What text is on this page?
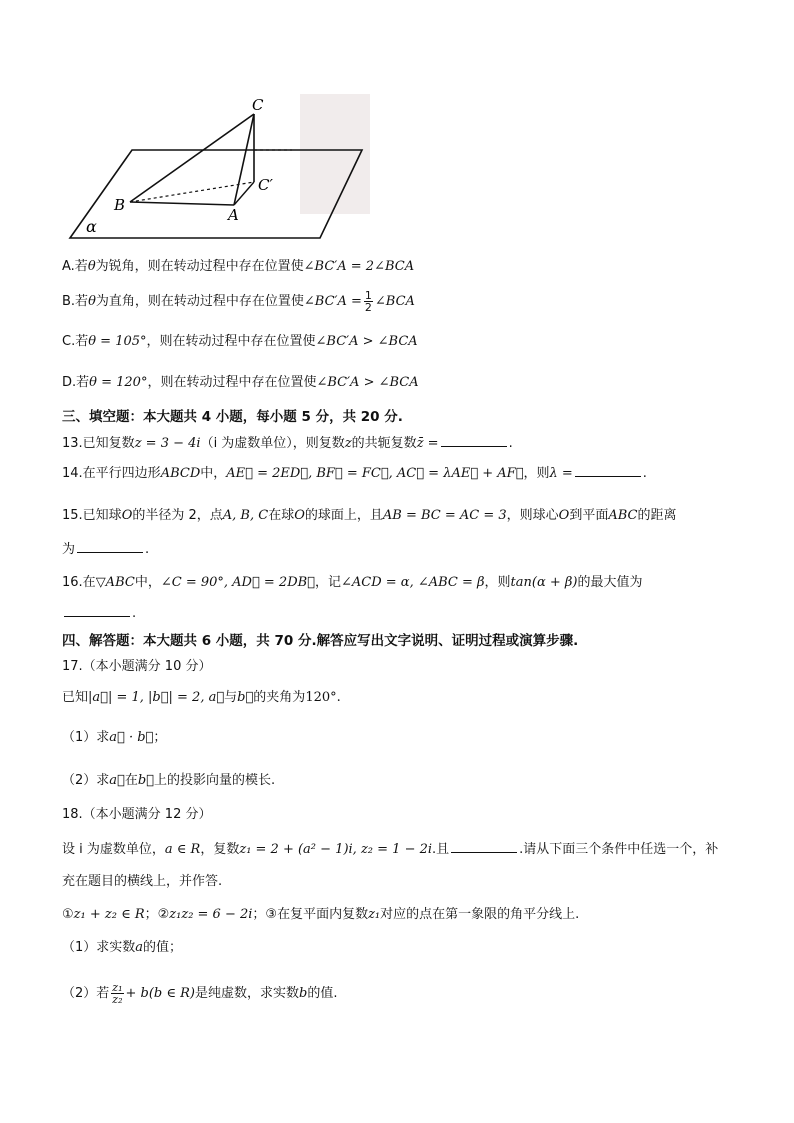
C
C′
B
A
α
A.若θ为锐角，则在转动过程中存在位置使∠BC′A = 2∠BCA
B.若θ为直角，则在转动过程中存在位置使∠BC′A = $\frac{1}{2}$ ∠BCA
C.若θ = 105°，则在转动过程中存在位置使∠BC′A > ∠BCA
D.若θ = 120°，则在转动过程中存在位置使∠BC′A > ∠BCA
三、填空题：本大题共 4 小题，每小题 5 分，共 20 分.
13.已知复数z = 3 − 4i（i 为虚数单位），则复数z的共轭复数z̄ =	.
14.在平行四边形ABCD中，AE⃗ = 2ED⃗, BF⃗ = FC⃗, AC⃗ = λAE⃗ + AF⃗，则λ =	.
15.已知球O的半径为 2，点A, B, C在球O的球面上，且AB = BC = AC = 3，则球心O到平面ABC的距离
为	.
16.在▽ABC中，∠C = 90°, AD⃗ = 2DB⃗，记∠ACD = α, ∠ABC = β，则tan(α + β)的最大值为
.
四、解答题：本大题共 6 小题，共 70 分.解答应写出文字说明、证明过程或演算步骤.
17.（本小题满分 10 分）
已知|a⃗| = 1, |b⃗| = 2, a⃗与b⃗的夹角为120°.
（1）求a⃗ · b⃗；
（2）求a⃗在b⃗上的投影向量的模长.
18.（本小题满分 12 分）
设 i 为虚数单位，a ∈ R，复数z₁ = 2 + (a² − 1)i, z₂ = 1 − 2i.且	.请从下面三个条件中任选一个，补
充在题目的横线上，并作答.
①z₁ + z₂ ∈ R；②z₁z₂ = 6 − 2i；③在复平面内复数z₁对应的点在第一象限的角平分线上.
（1）求实数a的值；
（2）若 $\frac{\text{z₁}}{\text{z₂}} + b(b$ ∈ R)是纯虚数，求实数b的值.
